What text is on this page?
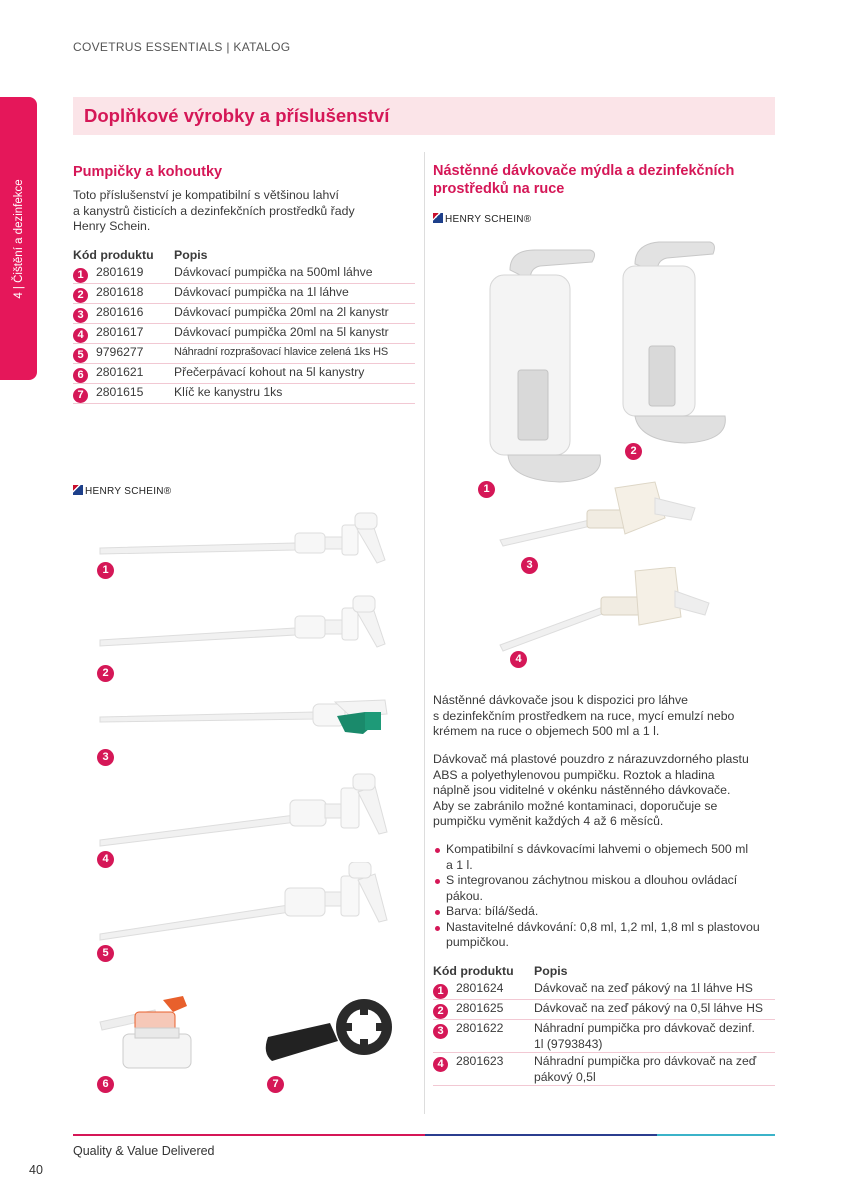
COVETRUS ESSENTIALS | KATALOG
4 | Čištění a dezinfekce
Doplňkové výrobky a příslušenství
Pumpičky a kohoutky
Toto příslušenství je kompatibilní s většinou lahví
a kanystrů čisticích a dezinfekčních prostředků řady
Henry Schein.
Kód produktu	Popis
1 2801619	Dávkovací pumpička na 500ml láhve
2 2801618	Dávkovací pumpička na 1l láhve
3 2801616	Dávkovací pumpička 20ml na 2l kanystr
4 2801617	Dávkovací pumpička 20ml na 5l kanystr
5 9796277	Náhradní rozprašovací hlavice zelená 1ks HS
6 2801621	Přečerpávací kohout na 5l kanystry
7 2801615	Klíč ke kanystru 1ks
HENRY SCHEIN®
1
2
3
4
5
6	7
Nástěnné dávkovače mýdla a dezinfekčních
prostředků na ruce
HENRY SCHEIN®
1
2
3
4
Nástěnné dávkovače jsou k dispozici pro láhve
s dezinfekčním prostředkem na ruce, mycí emulzí nebo
krémem na ruce o objemech 500 ml a 1 l.
Dávkovač má plastové pouzdro z nárazuvzdorného plastu
ABS a polyethylenovou pumpičku. Roztok a hladina
náplně jsou viditelné v okénku nástěnného dávkovače.
Aby se zabránilo možné kontaminaci, doporučuje se
pumpičku vyměnit každých 4 až 6 měsíců.
Kompatibilní s dávkovacími lahvemi o objemech 500 ml
a 1 l.
S integrovanou záchytnou miskou a dlouhou ovládací
pákou.
Barva: bílá/šedá.
Nastavitelné dávkování: 0,8 ml, 1,2 ml, 1,8 ml s plastovou
pumpičkou.
Kód produktu	Popis
1 2801624	Dávkovač na zeď pákový na 1l láhve HS
2 2801625	Dávkovač na zeď pákový na 0,5l láhve HS
3 2801622	Náhradní pumpička pro dávkovač dezinf.
1l (9793843)

4 2801623	Náhradní pumpička pro dávkovač na zeď
pákový 0,5l
Quality & Value Delivered
40
